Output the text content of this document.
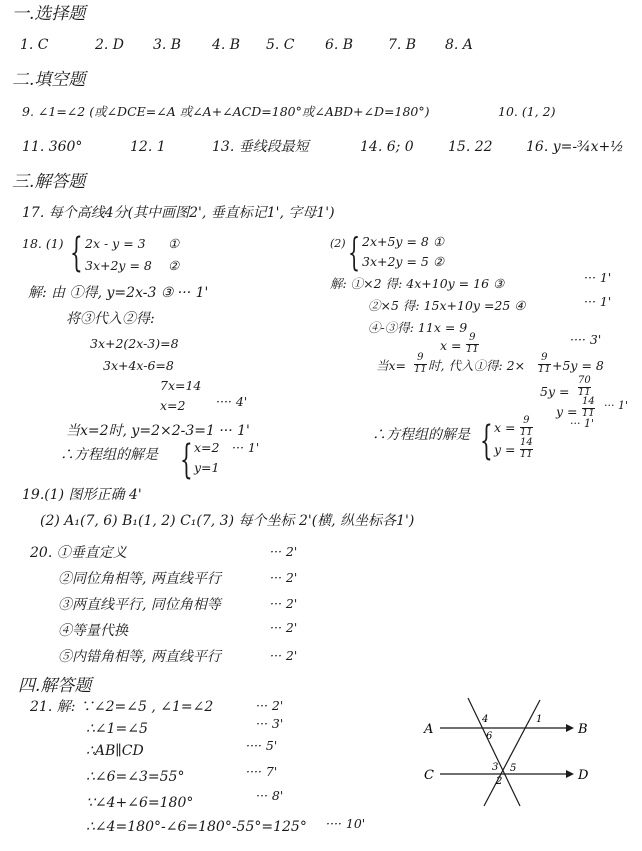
一.选择题
1. C	2. D 3. B 4. B 5. C 6. B 7. B 8. A
二.填空题
9. ∠1=∠2 (或∠DCE=∠A 或∠A+∠ACD=180°或∠ABD+∠D=180°)	10. (1, 2)
11. 360°	12. 1	13. 垂线段最短	14. 6; 0 15. 22 16. y=-¾x+½
三.解答题
17. 每个高线4分(其中画图2', 垂直标记1', 字母1')
18. (1) { 2x - y = 3 ①
3x+2y = 8 ②
解: 由 ①得, y=2x-3 ③ ··· 1'
将③代入②得:
3x+2(2x-3)=8
3x+4x-6=8
7x=14
x=2 ···· 4'
当x=2时, y=2×2-3=1 ··· 1'
∴方程组的解是 { x=2
y=1
··· 1'
(2) { 2x+5y = 8 ①
3x+2y = 5 ②
解: ①×2 得: 4x+10y = 16 ③	··· 1'
②×5 得: 15x+10y =25 ④	··· 1'
④-③得: 11x = 9
x =
9
11
···· 3'
当x=
9
11 时, 代入①得: 2×
9
11 +5y = 8
5y =
70
11
y =
14
11
··· 1'
∴方程组的解是 { x = 9
11
y = 14
11
··· 1'
19.(1) 图形正确 4'
(2) A₁(7, 6) B₁(1, 2) C₁(7, 3) 每个坐标 2'(横, 纵坐标各1')
20. ①垂直定义	··· 2'
②同位角相等, 两直线平行	··· 2'
③两直线平行, 同位角相等	··· 2'
④等量代换	··· 2'
⑤内错角相等, 两直线平行	··· 2'
四.解答题
21. 解: ∵∠2=∠5 , ∠1=∠2	··· 2'
∴∠1=∠5	··· 3'
∴AB∥CD	···· 5'
∴∠6=∠3=55°	···· 7'
∵∠4+∠6=180°	··· 8'
∴∠4=180°-∠6=180°-55°=125° ···· 10'
A	B
C	D
4	1
6
3 5
2
